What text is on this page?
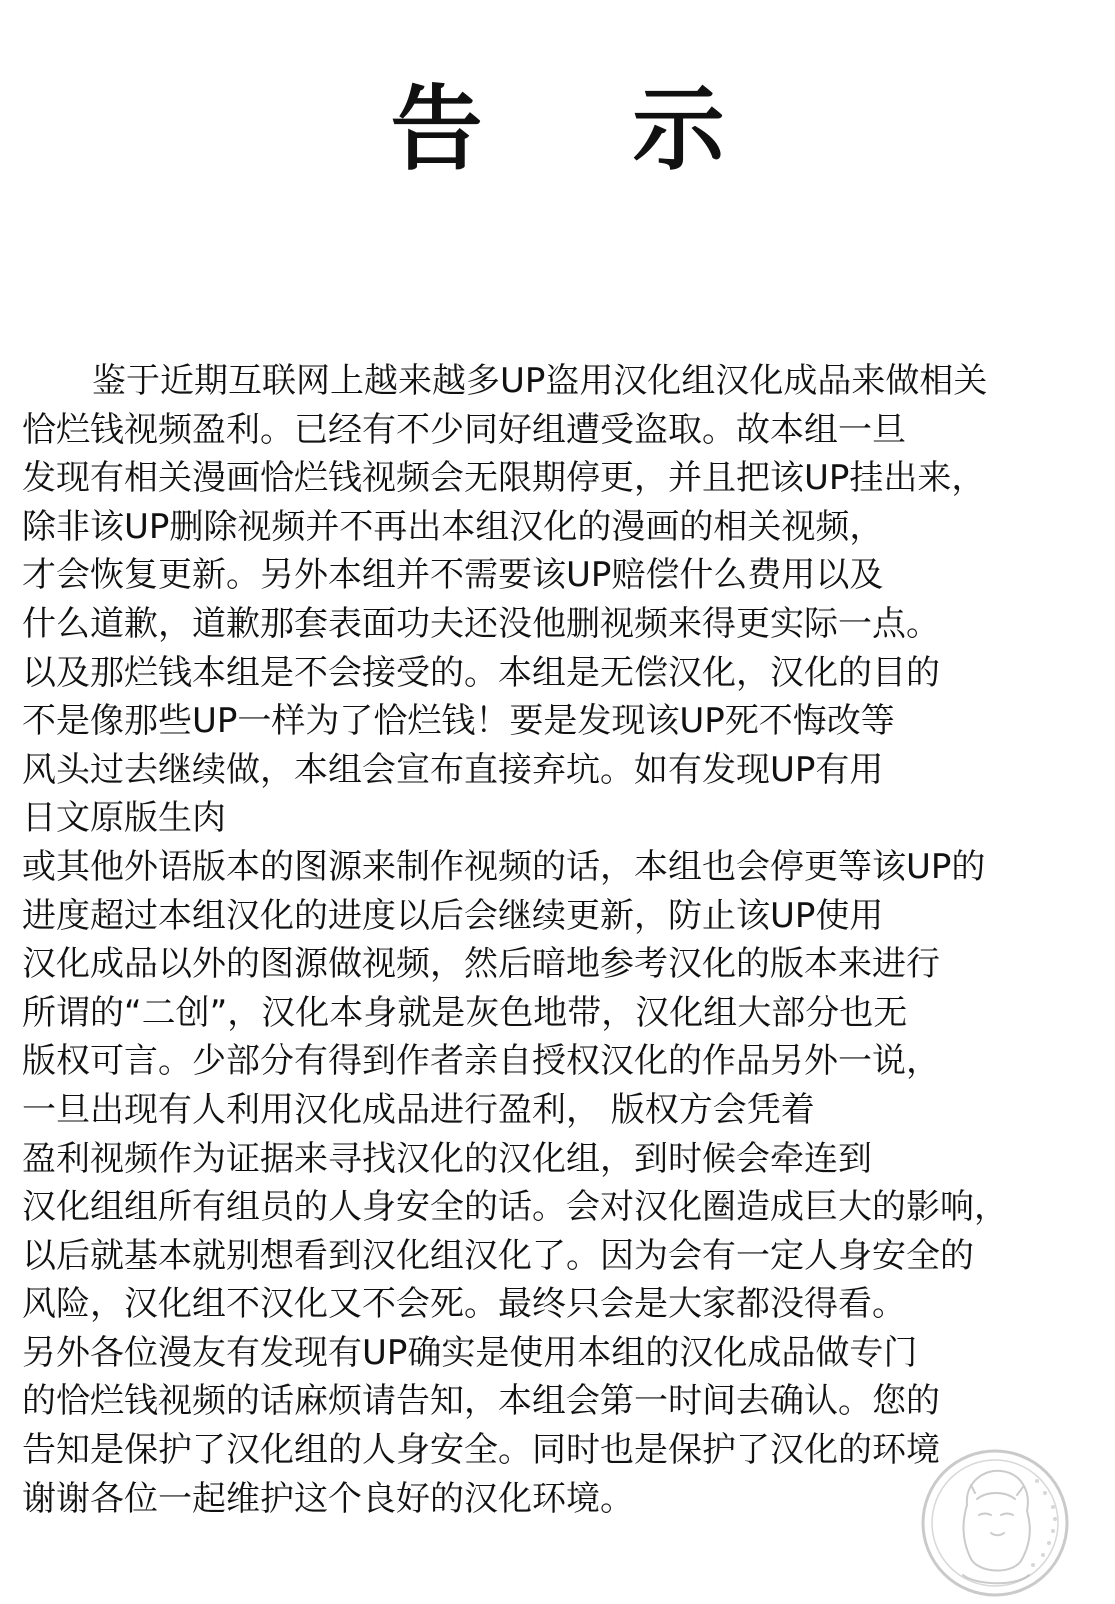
告 示
鉴于近期互联网上越来越多UP盗用汉化组汉化成品来做相关
恰烂钱视频盈利。已经有不少同好组遭受盗取。故本组一旦
发现有相关漫画恰烂钱视频会无限期停更，并且把该UP挂出来，
除非该UP删除视频并不再出本组汉化的漫画的相关视频，
才会恢复更新。另外本组并不需要该UP赔偿什么费用以及
什么道歉，道歉那套表面功夫还没他删视频来得更实际一点。
以及那烂钱本组是不会接受的。本组是无偿汉化，汉化的目的
不是像那些UP一样为了恰烂钱！要是发现该UP死不悔改等
风头过去继续做，本组会宣布直接弃坑。如有发现UP有用
日文原版生肉
或其他外语版本的图源来制作视频的话，本组也会停更等该UP的
进度超过本组汉化的进度以后会继续更新，防止该UP使用
汉化成品以外的图源做视频，然后暗地参考汉化的版本来进行
所谓的“二创”，汉化本身就是灰色地带，汉化组大部分也无
版权可言。少部分有得到作者亲自授权汉化的作品另外一说，
一旦出现有人利用汉化成品进行盈利， 版权方会凭着
盈利视频作为证据来寻找汉化的汉化组，到时候会牵连到
汉化组组所有组员的人身安全的话。会对汉化圈造成巨大的影响，
以后就基本就别想看到汉化组汉化了。因为会有一定人身安全的
风险，汉化组不汉化又不会死。最终只会是大家都没得看。
另外各位漫友有发现有UP确实是使用本组的汉化成品做专门
的恰烂钱视频的话麻烦请告知，本组会第一时间去确认。您的
告知是保护了汉化组的人身安全。同时也是保护了汉化的环境
谢谢各位一起维护这个良好的汉化环境。
